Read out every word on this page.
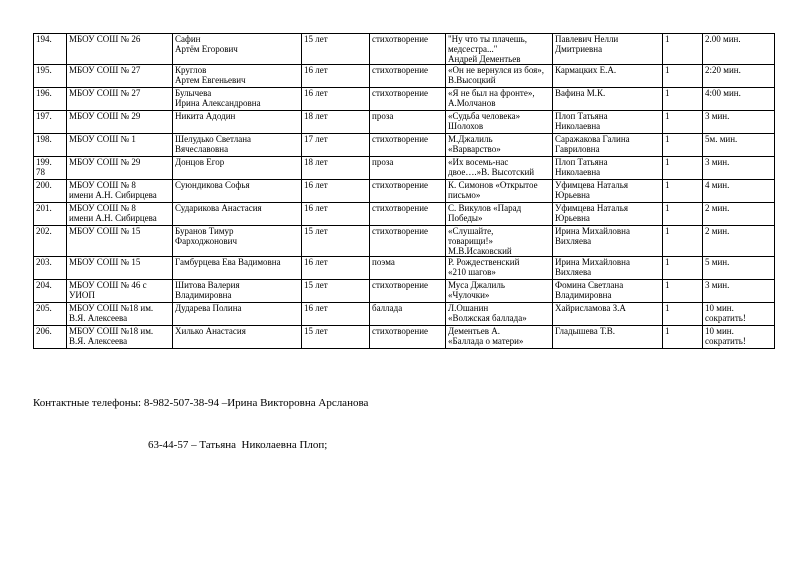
194.	МБОУ СОШ № 26	Сафин
Артём Егорович	15 лет	стихотворение	"Ну что ты плачешь, медсестра..."
Андрей Дементьев	Павлевич Нелли
Дмитриевна	1	2.00 мин.
195.	МБОУ СОШ № 27	Круглов
Артем Евгеньевич	16 лет	стихотворение	«Он не вернулся из боя»,
В.Высоцкий	Кармацких Е.А.	1	2:20 мин.
196.	МБОУ СОШ № 27	Булычева
Ирина Александровна	16 лет	стихотворение	«Я не был на фронте»,
А.Молчанов	Вафина М.К.	1	4:00 мин.
197.	МБОУ СОШ № 29	Никита Адодин	18 лет	проза	«Судьба человека»
Шолохов	Плоп Татьяна
Николаевна	1	3 мин.
198.	МБОУ СОШ № 1	Шелудько Светлана
Вячеславовна	17 лет	стихотворение	М.Джалиль
«Варварство»	Саражакова Галина
Гавриловна	1	5м. мин.
199.
78	МБОУ СОШ № 29	Донцов Егор	18 лет	проза	«Их восемь-нас двое….»В. Высотский	Плоп Татьяна
Николаевна	1	3 мин.
200.	МБОУ СОШ № 8
имени А.Н. Сибирцева	Суюндикова Софья	16 лет	стихотворение	К. Симонов «Открытое письмо»	Уфимцева Наталья
Юрьевна	1	4 мин.
201.	МБОУ СОШ № 8
имени А.Н. Сибирцева	Сударикова Анастасия	16 лет	стихотворение	С. Викулов «Парад
Победы»	Уфимцева Наталья
Юрьевна	1	2 мин.
202.	МБОУ СОШ № 15	Буранов Тимур
Фарходжонович	15 лет	стихотворение	«Слушайте,
товарищи!»
М.В.Исаковский	Ирина Михайловна
Вихляева	1	2 мин.
203.	МБОУ СОШ № 15	Гамбурцева Ева Вадимовна	16 лет	поэма	Р. Рождественский
«210 шагов»	Ирина Михайловна
Вихляева	1	5 мин.
204.	МБОУ СОШ № 46 с
УИОП	Шитова Валерия
Владимировна	15 лет	стихотворение	Муса Джалиль
«Чулочки»	Фомина Светлана
Владимировна	1	3 мин.
205.	МБОУ СОШ №18 им.
В.Я. Алексеева	Дударева Полина	16 лет	баллада	Л.Ошанин
«Волжская баллада»	Хайрисламова З.А	1	10 мин.
сократить!
206.	МБОУ СОШ №18 им.
В.Я. Алексеева	Хилько Анастасия	15 лет	стихотворение	Дементьев А.
«Баллада о матери»	Гладышева Т.В.	1	10 мин.
сократить!

Контактные телефоны: 8-982-507-38-94 –Ирина Викторовна Арсланова

63-44-57 – Татьяна  Николаевна Плоп;
